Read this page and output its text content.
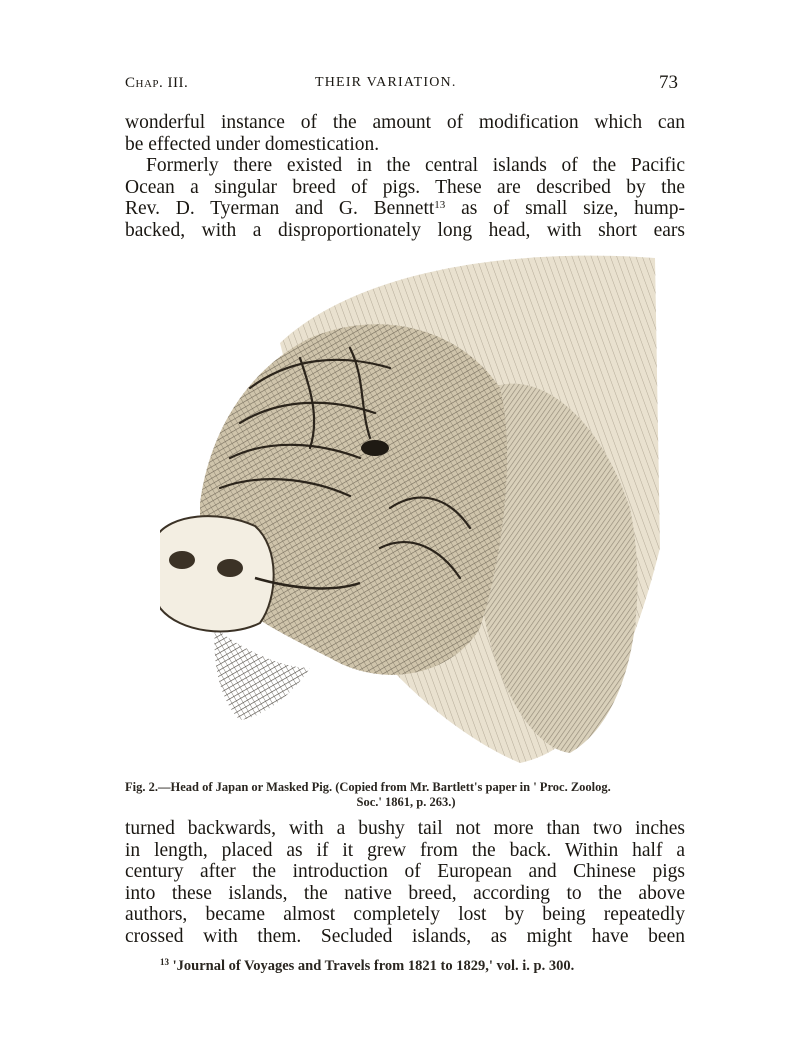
Chap. III.	THEIR VARIATION.	73
wonderful instance of the amount of modification which can
be effected under domestication.
Formerly there existed in the central islands of the Pacific
Ocean a singular breed of pigs. These are described by the
Rev. D. Tyerman and G. Bennett$^{13}$ as of small size, hump-
backed, with a disproportionately long head, with short ears
Fig. 2.—Head of Japan or Masked Pig. (Copied from Mr. Bartlett's paper in ' Proc. Zoolog.
Soc.' 1861, p. 263.)
turned backwards, with a bushy tail not more than two inches
in length, placed as if it grew from the back. Within half a
century after the introduction of European and Chinese pigs
into these islands, the native breed, according to the above
authors, became almost completely lost by being repeatedly
crossed with them. Secluded islands, as might have been
$^{13}$ 'Journal of Voyages and Travels from 1821 to 1829,' vol. i. p. 300.
